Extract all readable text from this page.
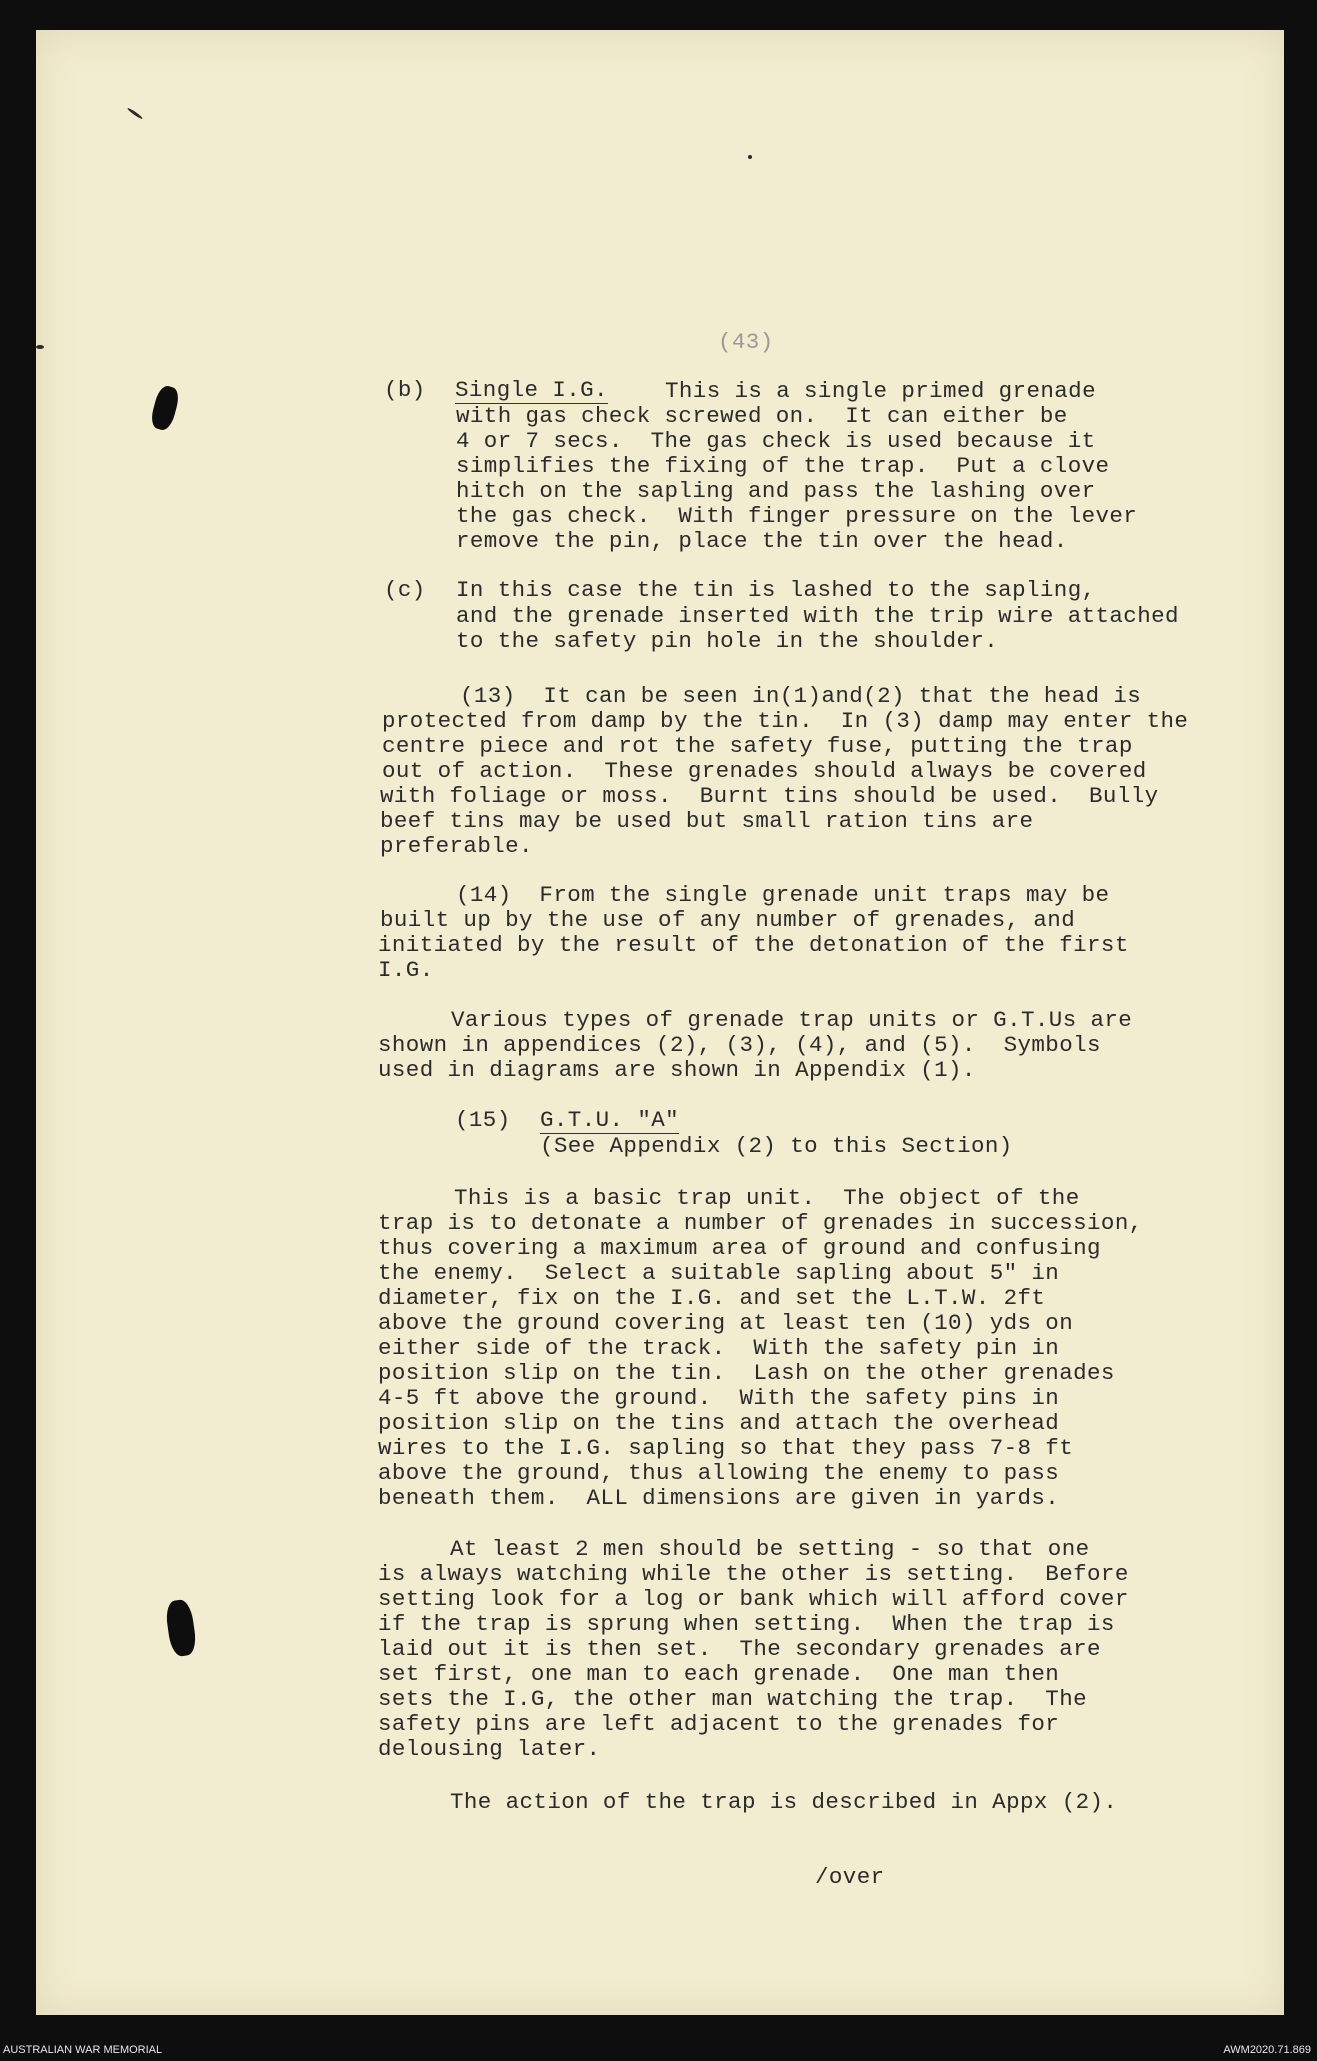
(43)
(b) Single I.G.	This is a single primed grenade
with gas check screwed on.  It can either be
4 or 7 secs.  The gas check is used because it
simplifies the fixing of the trap.  Put a clove
hitch on the sapling and pass the lashing over
the gas check.  With finger pressure on the lever
remove the pin, place the tin over the head.
(c) In this case the tin is lashed to the sapling,
and the grenade inserted with the trip wire attached
to the safety pin hole in the shoulder.
(13)  It can be seen in(1)and(2) that the head is
protected from damp by the tin.  In (3) damp may enter the
centre piece and rot the safety fuse, putting the trap
out of action.  These grenades should always be covered
with foliage or moss.  Burnt tins should be used.  Bully
beef tins may be used but small ration tins are
preferable.
(14)  From the single grenade unit traps may be
built up by the use of any number of grenades, and
initiated by the result of the detonation of the first
I.G.
Various types of grenade trap units or G.T.Us are
shown in appendices (2), (3), (4), and (5).  Symbols
used in diagrams are shown in Appendix (1).
(15) G.T.U. "A"
(See Appendix (2) to this Section)
This is a basic trap unit.  The object of the
trap is to detonate a number of grenades in succession,
thus covering a maximum area of ground and confusing
the enemy.  Select a suitable sapling about 5" in
diameter, fix on the I.G. and set the L.T.W. 2ft
above the ground covering at least ten (10) yds on
either side of the track.  With the safety pin in
position slip on the tin.  Lash on the other grenades
4-5 ft above the ground.  With the safety pins in
position slip on the tins and attach the overhead
wires to the I.G. sapling so that they pass 7-8 ft
above the ground, thus allowing the enemy to pass
beneath them.  ALL dimensions are given in yards.
At least 2 men should be setting - so that one
is always watching while the other is setting.  Before
setting look for a log or bank which will afford cover
if the trap is sprung when setting.  When the trap is
laid out it is then set.  The secondary grenades are
set first, one man to each grenade.  One man then
sets the I.G, the other man watching the trap.  The
safety pins are left adjacent to the grenades for
delousing later.
The action of the trap is described in Appx (2).
/over
AUSTRALIAN WAR MEMORIAL	AWM2020.71.869
